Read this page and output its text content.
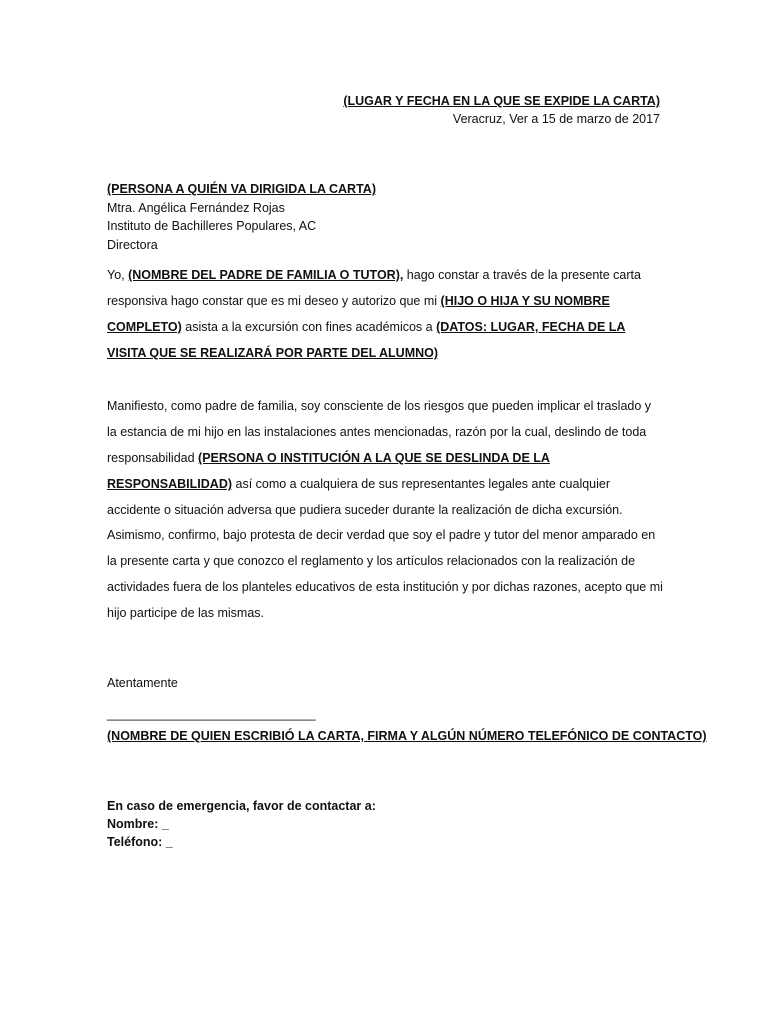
(LUGAR Y FECHA EN LA QUE SE EXPIDE LA CARTA)
Veracruz, Ver a 15 de marzo de 2017
(PERSONA A QUIÉN VA DIRIGIDA LA CARTA)
Mtra. Angélica Fernández Rojas
Instituto de Bachilleres Populares, AC
Directora
Yo, (NOMBRE DEL PADRE DE FAMILIA O TUTOR), hago constar a través de la presente carta responsiva hago constar que es mi deseo y autorizo que mi (HIJO O HIJA Y SU NOMBRE COMPLETO) asista a la excursión con fines académicos a (DATOS: LUGAR, FECHA DE LA VISITA QUE SE REALIZARÁ POR PARTE DEL ALUMNO)
Manifiesto, como padre de familia, soy consciente de los riesgos que pueden implicar el traslado y la estancia de mi hijo en las instalaciones antes mencionadas, razón por la cual, deslindo de toda responsabilidad (PERSONA O INSTITUCIÓN A LA QUE SE DESLINDA DE LA RESPONSABILIDAD) así como a cualquiera de sus representantes legales ante cualquier accidente o situación adversa que pudiera suceder durante la realización de dicha excursión.
Asimismo, confirmo, bajo protesta de decir verdad que soy el padre y tutor del menor amparado en la presente carta y que conozco el reglamento y los artículos relacionados con la realización de actividades fuera de los planteles educativos de esta institución y por dichas razones, acepto que mi hijo participe de las mismas.
Atentamente
______________________________
(NOMBRE DE QUIEN ESCRIBIÓ LA CARTA, FIRMA Y ALGÚN NÚMERO TELEFÓNICO DE CONTACTO)
En caso de emergencia, favor de contactar a:
Nombre: _
Teléfono: _
